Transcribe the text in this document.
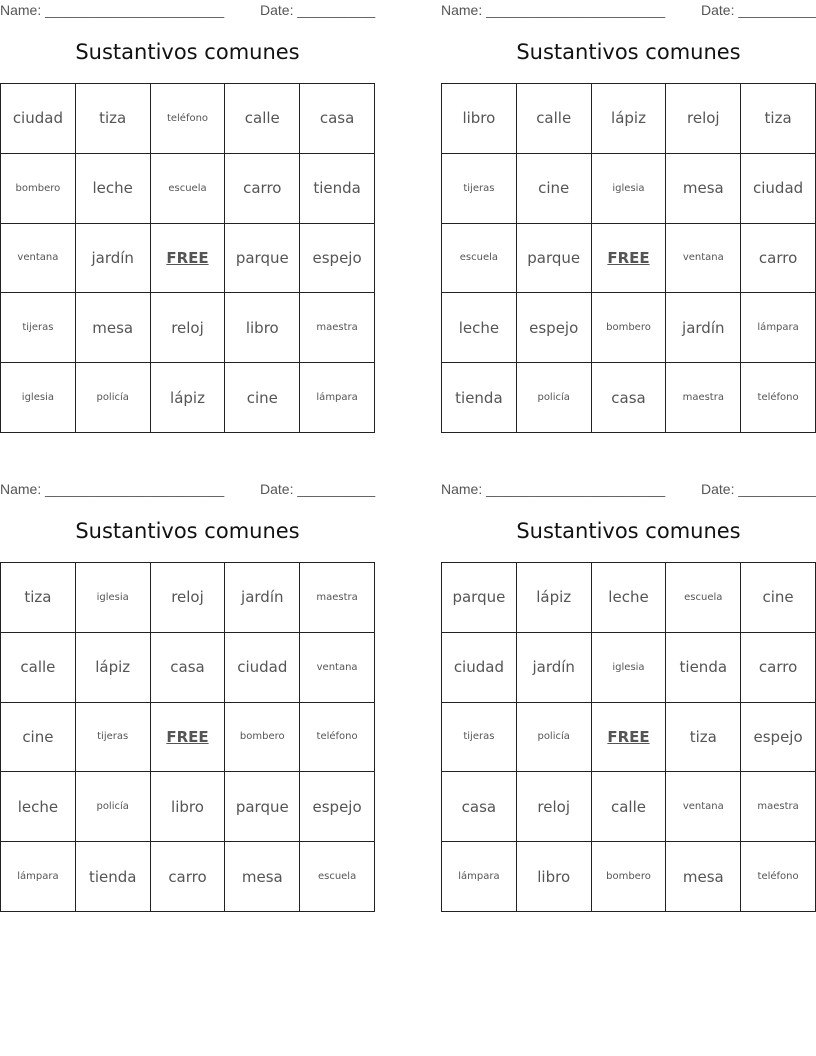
Name: _______________________	Date: __________
Sustantivos comunes
ciudad	tiza	teléfono	calle	casa
bombero	leche	escuela	carro	tienda
ventana	jardín	FREE	parque	espejo
tijeras	mesa	reloj	libro	maestra
iglesia	policía	lápiz	cine	lámpara
Name: _______________________	Date: __________
Sustantivos comunes
libro	calle	lápiz	reloj	tiza
tijeras	cine	iglesia	mesa	ciudad
escuela	parque	FREE	ventana	carro
leche	espejo	bombero	jardín	lámpara
tienda	policía	casa	maestra	teléfono
Name: _______________________	Date: __________
Sustantivos comunes
tiza	iglesia	reloj	jardín	maestra
calle	lápiz	casa	ciudad	ventana
cine	tijeras	FREE	bombero	teléfono
leche	policía	libro	parque	espejo
lámpara	tienda	carro	mesa	escuela
Name: _______________________	Date: __________
Sustantivos comunes
parque	lápiz	leche	escuela	cine
ciudad	jardín	iglesia	tienda	carro
tijeras	policía	FREE	tiza	espejo
casa	reloj	calle	ventana	maestra
lámpara	libro	bombero	mesa	teléfono
